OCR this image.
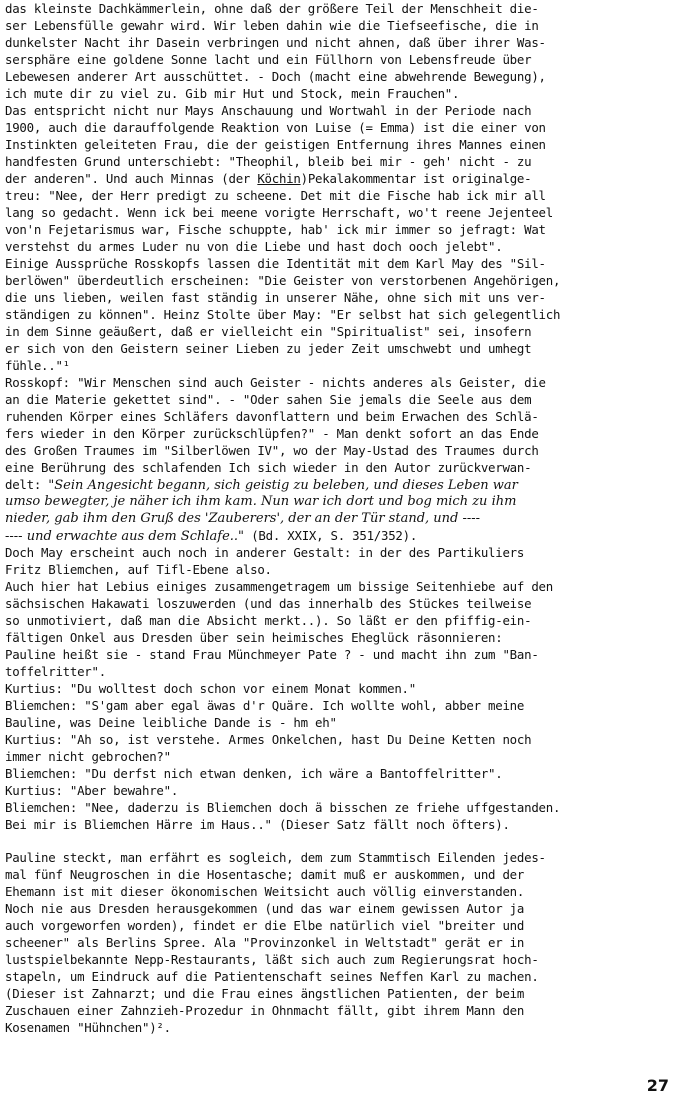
das kleinste Dachkämmerlein, ohne daß der größere Teil der Menschheit die-
ser Lebensfülle gewahr wird. Wir leben dahin wie die Tiefseefische, die in
dunkelster Nacht ihr Dasein verbringen und nicht ahnen, daß über ihrer Was-
sersphäre eine goldene Sonne lacht und ein Füllhorn von Lebensfreude über
Lebewesen anderer Art ausschüttet. - Doch (macht eine abwehrende Bewegung),
ich mute dir zu viel zu. Gib mir Hut und Stock, mein Frauchen".
Das entspricht nicht nur Mays Anschauung und Wortwahl in der Periode nach
1900, auch die darauffolgende Reaktion von Luise (= Emma) ist die einer von
Instinkten geleiteten Frau, die der geistigen Entfernung ihres Mannes einen
handfesten Grund unterschiebt: "Theophil, bleib bei mir - geh' nicht - zu
der anderen". Und auch Minnas (der Köchin)Pekalakommentar ist originalge-
treu: "Nee, der Herr predigt zu scheene. Det mit die Fische hab ick mir all
lang so gedacht. Wenn ick bei meene vorigte Herrschaft, wo't reene Jejenteel
von'n Fejetarismus war, Fische schuppte, hab' ick mir immer so jefragt: Wat
verstehst du armes Luder nu von die Liebe und hast doch ooch jelebt".
Einige Aussprüche Rosskopfs lassen die Identität mit dem Karl May des "Sil-
berlöwen" überdeutlich erscheinen: "Die Geister von verstorbenen Angehörigen,
die uns lieben, weilen fast ständig in unserer Nähe, ohne sich mit uns ver-
ständigen zu können". Heinz Stolte über May: "Er selbst hat sich gelegentlich
in dem Sinne geäußert, daß er vielleicht ein "Spiritualist" sei, insofern
er sich von den Geistern seiner Lieben zu jeder Zeit umschwebt und umhegt
fühle.."¹
Rosskopf: "Wir Menschen sind auch Geister - nichts anderes als Geister, die
an die Materie gekettet sind". - "Oder sahen Sie jemals die Seele aus dem
ruhenden Körper eines Schläfers davonflattern und beim Erwachen des Schlä-
fers wieder in den Körper zurückschlüpfen?" - Man denkt sofort an das Ende
des Großen Traumes im "Silberlöwen IV", wo der May-Ustad des Traumes durch
eine Berührung des schlafenden Ich sich wieder in den Autor zurückverwan-
delt: "Sein Angesicht begann, sich geistig zu beleben, und dieses Leben war
umso bewegter, je näher ich ihm kam. Nun war ich dort und bog mich zu ihm
nieder, gab ihm den Gruß des 'Zauberers', der an der Tür stand, und ----
---- und erwachte aus dem Schlafe.." (Bd. XXIX, S. 351/352).
Doch May erscheint auch noch in anderer Gestalt: in der des Partikuliers
Fritz Bliemchen, auf Tifl-Ebene also.
Auch hier hat Lebius einiges zusammengetragem um bissige Seitenhiebe auf den
sächsischen Hakawati loszuwerden (und das innerhalb des Stückes teilweise
so unmotiviert, daß man die Absicht merkt..). So läßt er den pfiffig-ein-
fältigen Onkel aus Dresden über sein heimisches Eheglück räsonnieren:
Pauline heißt sie - stand Frau Münchmeyer Pate ? - und macht ihn zum "Ban-
toffelritter".
Kurtius: "Du wolltest doch schon vor einem Monat kommen."
Bliemchen: "S'gam aber egal äwas d'r Quäre. Ich wollte wohl, abber meine
Bauline, was Deine leibliche Dande is - hm eh"
Kurtius: "Ah so, ist verstehe. Armes Onkelchen, hast Du Deine Ketten noch
immer nicht gebrochen?"
Bliemchen: "Du derfst nich etwan denken, ich wäre a Bantoffelritter".
Kurtius: "Aber bewahre".
Bliemchen: "Nee, daderzu is Bliemchen doch ä bisschen ze friehe uffgestanden.
Bei mir is Bliemchen Härre im Haus.." (Dieser Satz fällt noch öfters).
Pauline steckt, man erfährt es sogleich, dem zum Stammtisch Eilenden jedes-
mal fünf Neugroschen in die Hosentasche; damit muß er auskommen, und der
Ehemann ist mit dieser ökonomischen Weitsicht auch völlig einverstanden.
Noch nie aus Dresden herausgekommen (und das war einem gewissen Autor ja
auch vorgeworfen worden), findet er die Elbe natürlich viel "breiter und
scheener" als Berlins Spree. Ala "Provinzonkel in Weltstadt" gerät er in
lustspielbekannte Nepp-Restaurants, läßt sich auch zum Regierungsrat hoch-
stapeln, um Eindruck auf die Patientenschaft seines Neffen Karl zu machen.
(Dieser ist Zahnarzt; und die Frau eines ängstlichen Patienten, der beim
Zuschauen einer Zahnzieh-Prozedur in Ohnmacht fällt, gibt ihrem Mann den
Kosenamen "Hühnchen")².
27
